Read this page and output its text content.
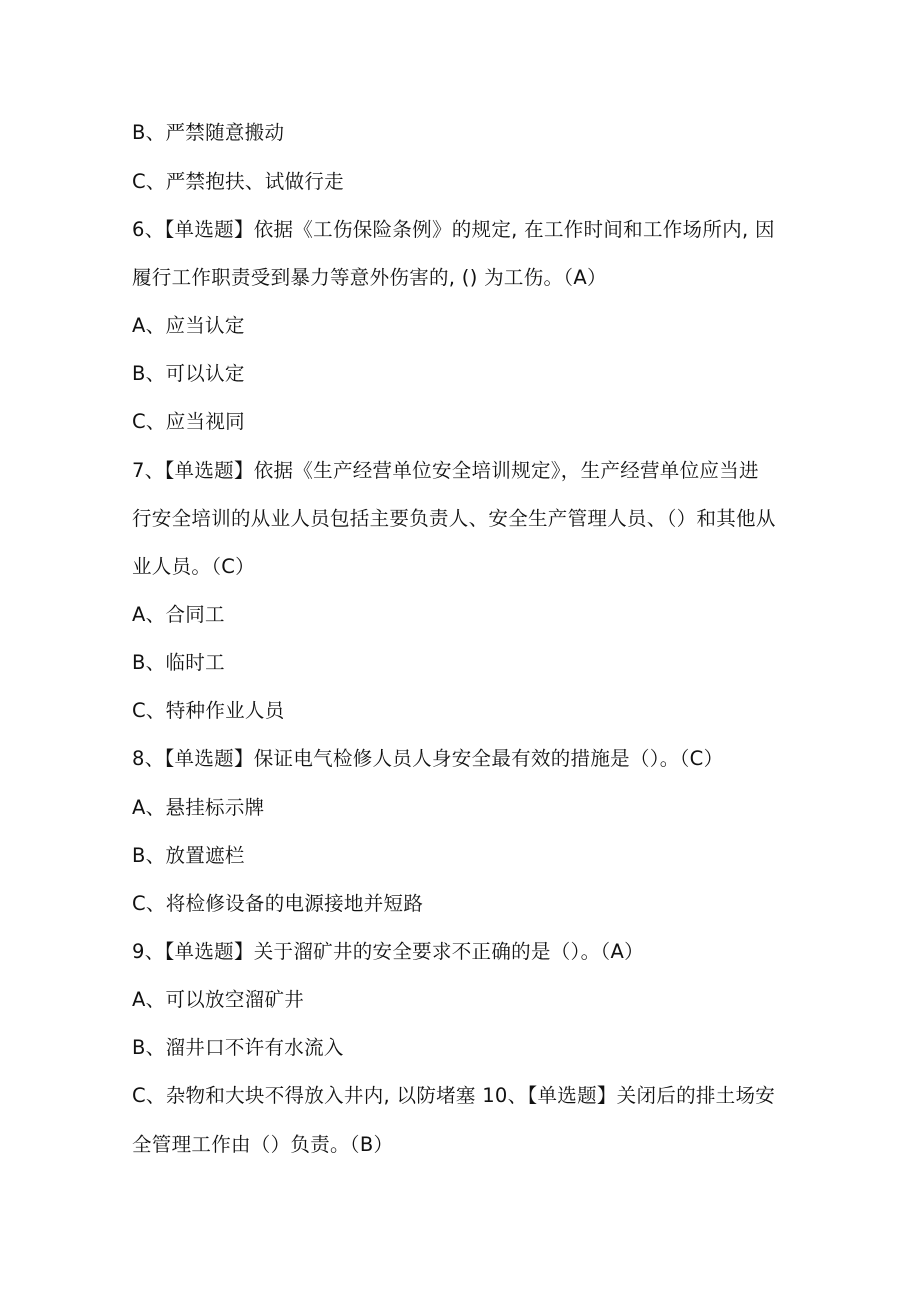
B、严禁随意搬动
C、严禁抱扶、试做行走
6、【单选题】依据《工伤保险条例》的规定, 在工作时间和工作场所内, 因
履行工作职责受到暴力等意外伤害的, () 为工伤。（A）
A、应当认定
B、可以认定
C、应当视同
7、【单选题】依据《生产经营单位安全培训规定》，生产经营单位应当进
行安全培训的从业人员包括主要负责人、安全生产管理人员、（）和其他从
业人员。（C）
A、合同工
B、临时工
C、特种作业人员
8、【单选题】保证电气检修人员人身安全最有效的措施是（）。（C）
A、悬挂标示牌
B、放置遮栏
C、将检修设备的电源接地并短路
9、【单选题】关于溜矿井的安全要求不正确的是（）。（A）
A、可以放空溜矿井
B、溜井口不许有水流入
C、杂物和大块不得放入井内, 以防堵塞 10、【单选题】关闭后的排土场安
全管理工作由（）负责。（B）
